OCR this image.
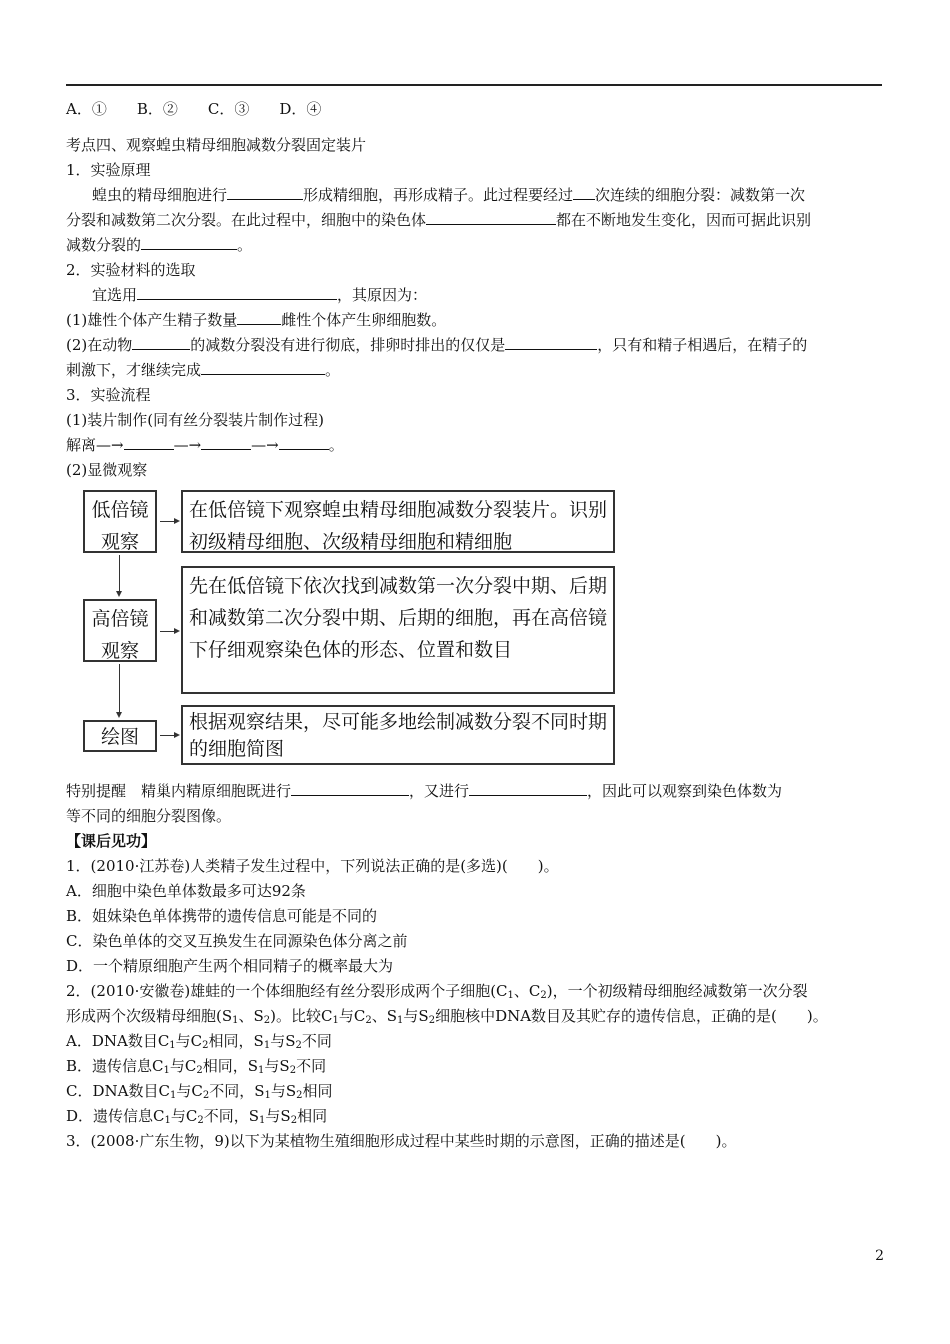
A．① B．② C．③ D．④
考点四、观察蝗虫精母细胞减数分裂固定装片
1．实验原理
蝗虫的精母细胞进行	形成精细胞，再形成精子。此过程要经过 次连续的细胞分裂：减数第一次
分裂和减数第二次分裂。在此过程中，细胞中的染色体	都在不断地发生变化，因而可据此识别
减数分裂的	。
2．实验材料的选取
宜选用	，其原因为：
(1)雄性个体产生精子数量	雌性个体产生卵细胞数。
(2)在动物	的减数分裂没有进行彻底，排卵时排出的仅仅是	，只有和精子相遇后，在精子的
刺激下，才继续完成	。
3．实验流程
(1)装片制作(同有丝分裂装片制作过程)
解离—→	—→	—→	。
(2)显微观察
低倍镜观察
在低倍镜下观察蝗虫精母细胞减数分裂装片。识别初级精母细胞、次级精母细胞和精细胞
高倍镜观察
先在低倍镜下依次找到减数第一次分裂中期、后期和减数第二次分裂中期、后期的细胞，再在高倍镜下仔细观察染色体的形态、位置和数目
绘图
根据观察结果，尽可能多地绘制减数分裂不同时期的细胞简图
特别提醒　精巢内精原细胞既进行	，又进行	，因此可以观察到染色体数为
等不同的细胞分裂图像。
【课后见功】
1．(2010·江苏卷)人类精子发生过程中，下列说法正确的是(多选)(　　)。
A．细胞中染色单体数最多可达92条
B．姐妹染色单体携带的遗传信息可能是不同的
C．染色单体的交叉互换发生在同源染色体分离之前
D．一个精原细胞产生两个相同精子的概率最大为
2．(2010·安徽卷)雄蛙的一个体细胞经有丝分裂形成两个子细胞($C_1$、$C_2$)，一个初级精母细胞经减数第一次分裂
形成两个次级精母细胞($S_1$、$S_2$)。比较$C_1$与$C_2$、$S_1$与$S_2$细胞核中DNA数目及其贮存的遗传信息，正确的是(　　)。
A．DNA数目$C_1$与$C_2$相同，$S_1$与$S_2$不同
B．遗传信息$C_1$与$C_2$相同，$S_1$与$S_2$不同
C．DNA数目$C_1$与$C_2$不同，$S_1$与$S_2$相同
D．遗传信息$C_1$与$C_2$不同，$S_1$与$S_2$相同
3．(2008·广东生物，9)以下为某植物生殖细胞形成过程中某些时期的示意图，正确的描述是(　　)。
2
